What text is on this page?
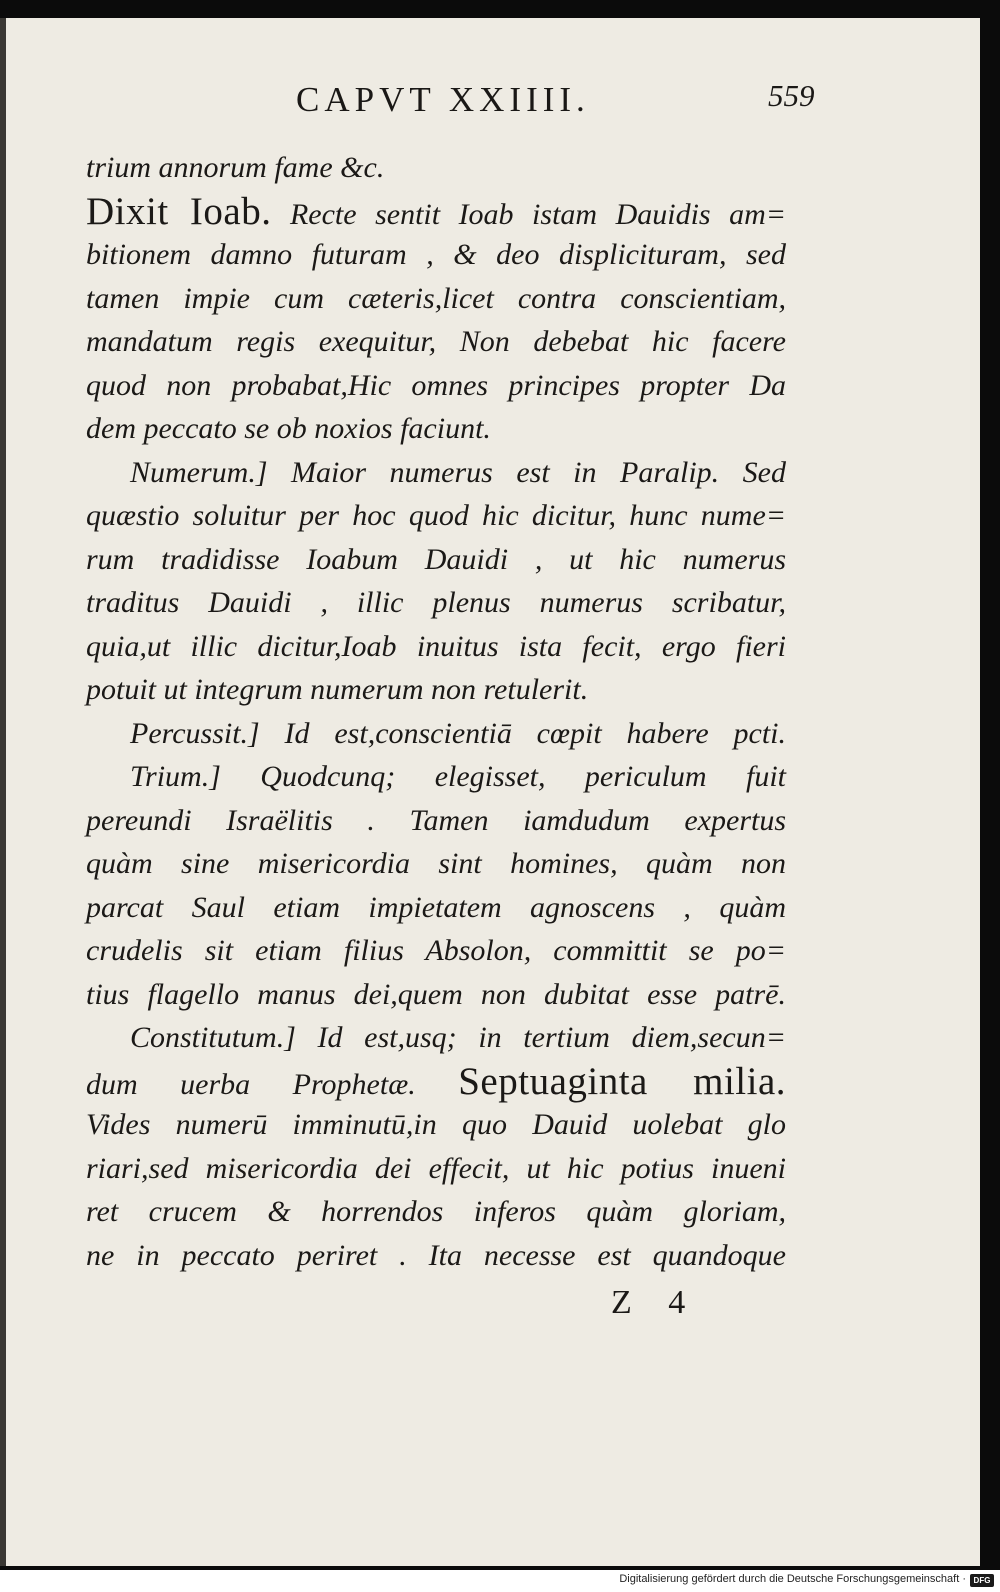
CAPVT XXIIII.	559
trium annorum fame &c.
Dixit Ioab. Recte sentit Ioab istam Dauidis am=
bitionem damno futuram , & deo displicituram, sed
tamen impie cum cæteris,licet contra conscientiam,
mandatum regis exequitur, Non debebat hic facere
quod non probabat,Hic omnes principes propter Da
dem peccato se ob noxios faciunt.
Numerum.] Maior numerus est in Paralip. Sed
quæstio soluitur per hoc quod hic dicitur, hunc nume=
rum tradidisse Ioabum Dauidi , ut hic numerus
traditus Dauidi , illic plenus numerus scribatur,
quia,ut illic dicitur,Ioab inuitus ista fecit, ergo fieri
potuit ut integrum numerum non retulerit.
Percussit.] Id est,conscientiā cœpit habere pcti.
Trium.] Quodcunq; elegisset, periculum fuit
pereundi Israëlitis . Tamen iamdudum expertus
quàm sine misericordia sint homines, quàm non
parcat Saul etiam impietatem agnoscens , quàm
crudelis sit etiam filius Absolon, committit se po=
tius flagello manus dei,quem non dubitat esse patrē.
Constitutum.] Id est,usq; in tertium diem,secun=
dum uerba Prophetæ. Septuaginta milia.
Vides numerū imminutū,in quo Dauid uolebat glo
riari,sed misericordia dei effecit, ut hic potius inueni
ret crucem & horrendos inferos quàm gloriam,
ne in peccato periret . Ita necesse est quandoque
Z 4
Digitalisierung gefördert durch die Deutsche Forschungsgemeinschaft · DFG
